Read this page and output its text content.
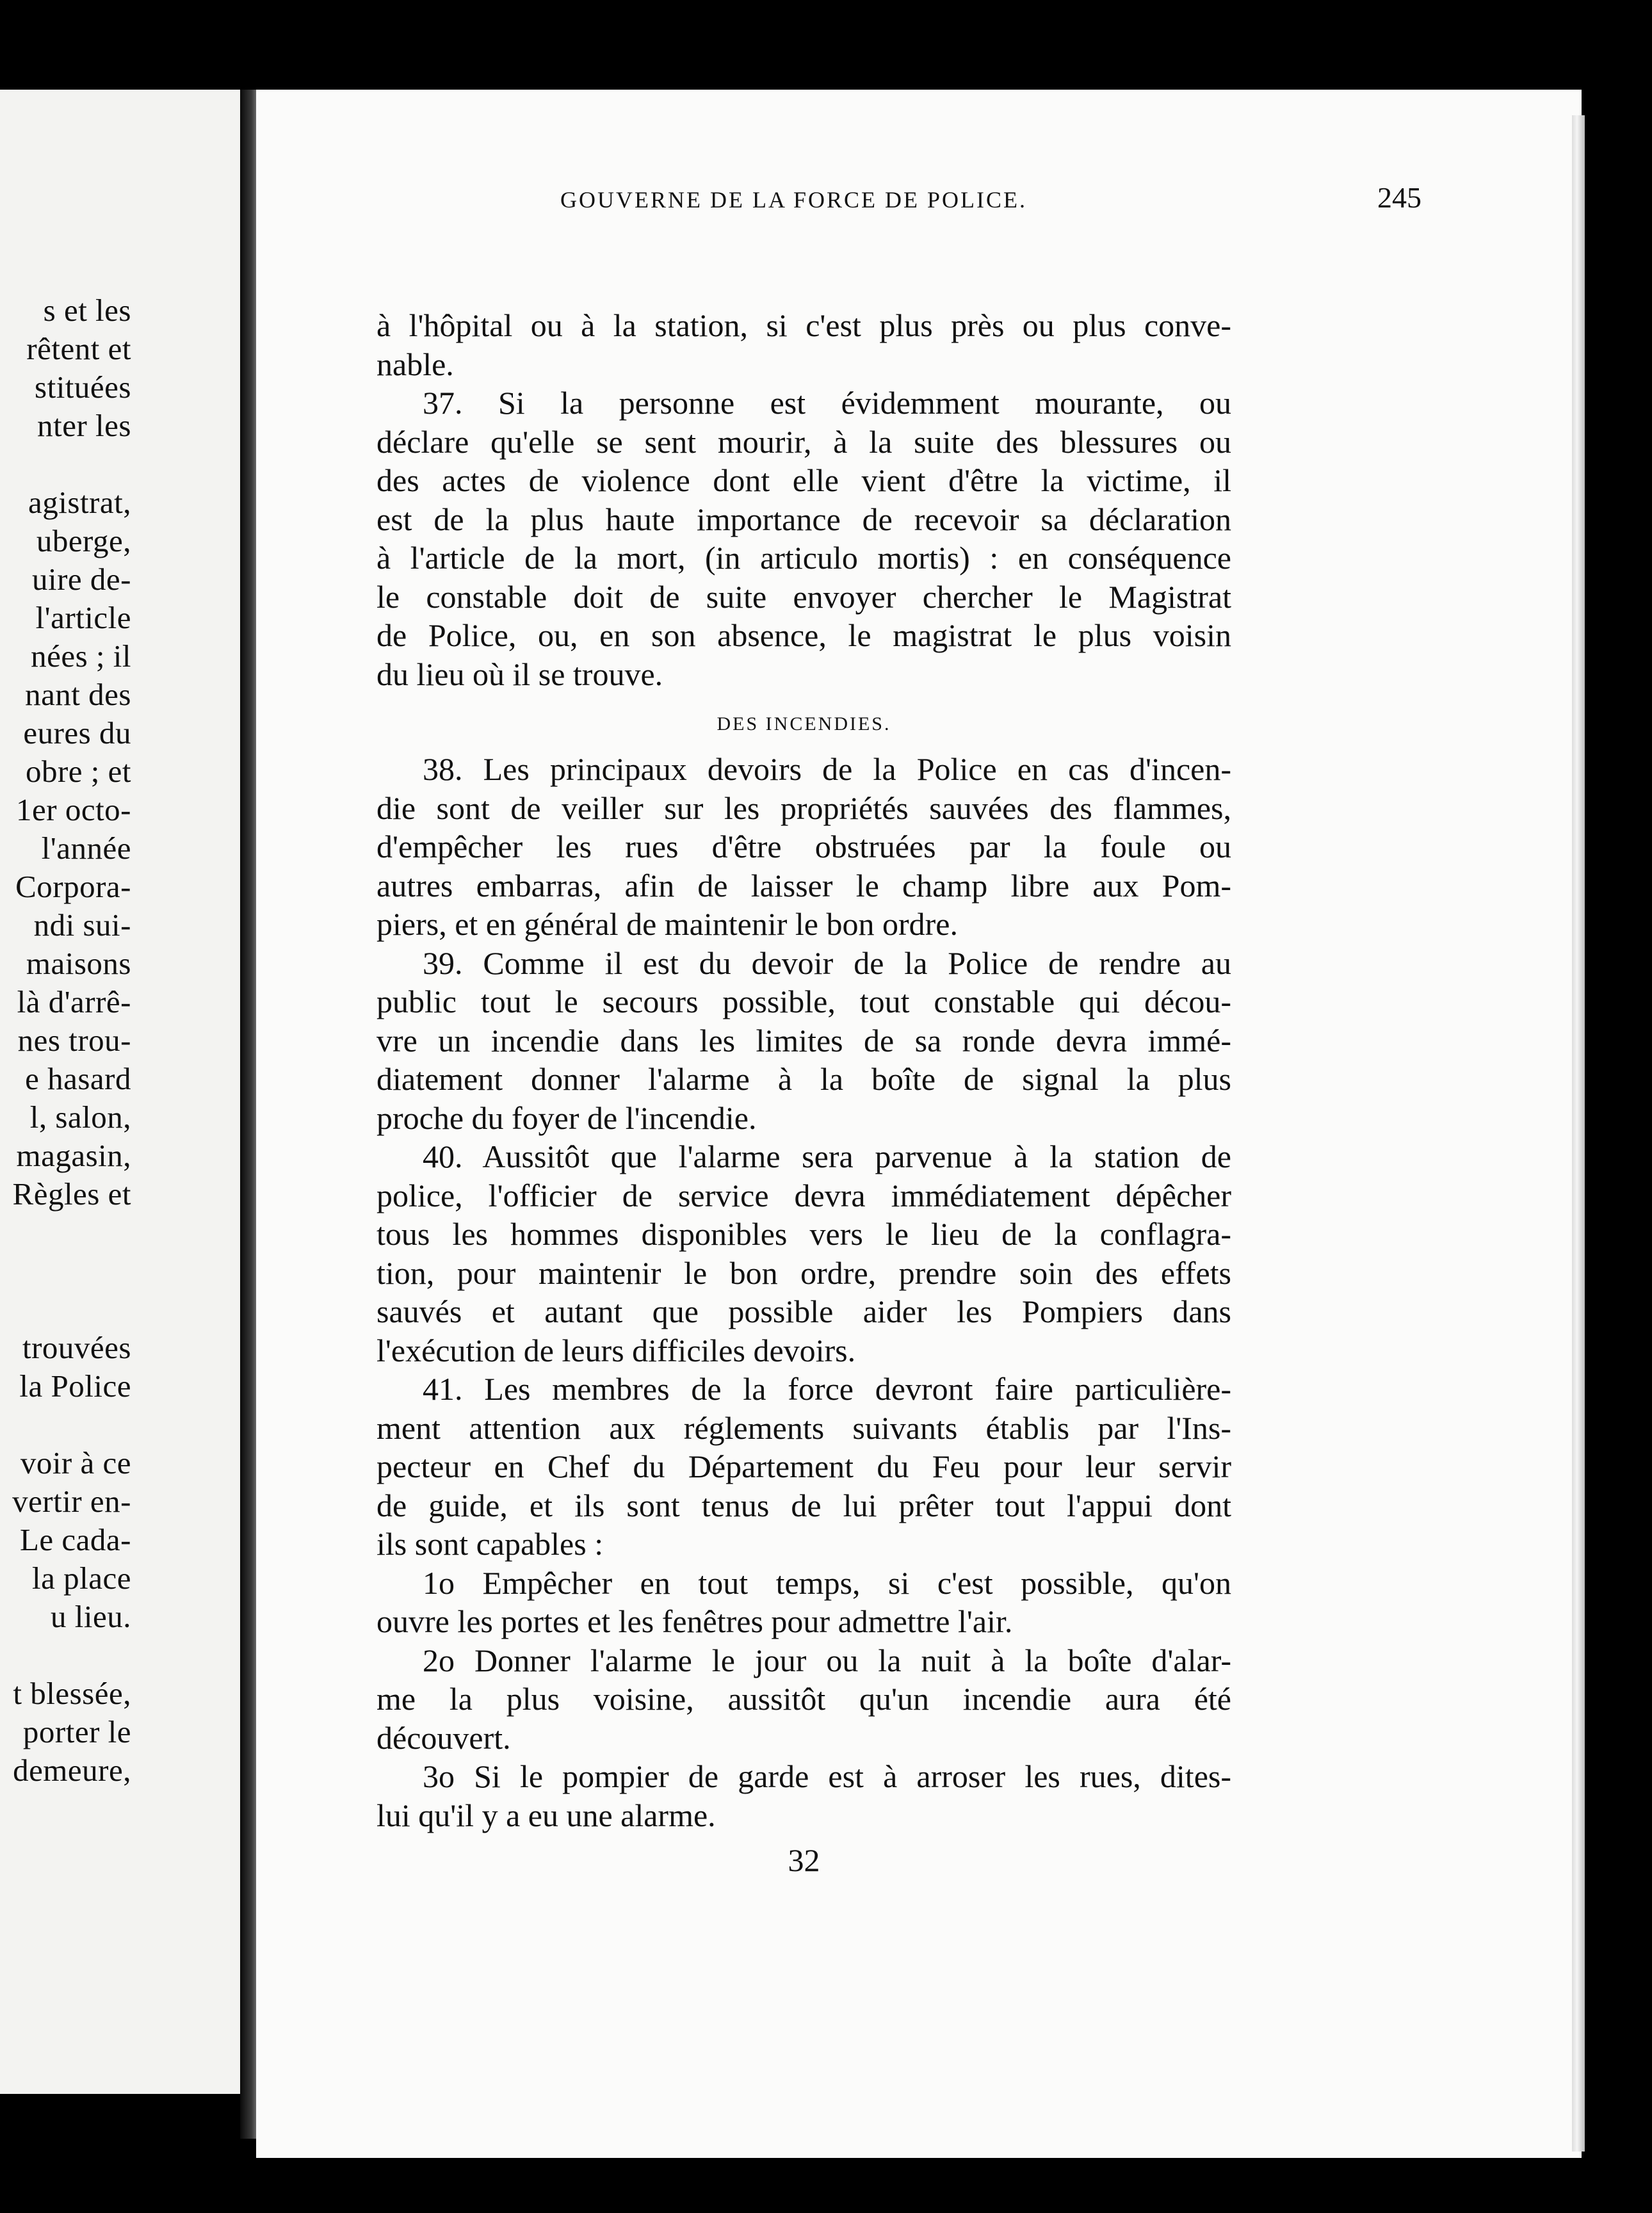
s et les
rêtent et
stituées
nter les
agistrat,
uberge,
uire de-
l'article
nées ; il
nant des
eures du
obre ; et
1er octo-
l'année
Corpora-
ndi sui-
maisons
là d'arrê-
nes trou-
e hasard
l, salon,
magasin,
Règles et
trouvées
la Police
voir à ce
vertir en-
Le cada-
la place
u lieu.
t blessée,
porter le
demeure,
GOUVERNE DE LA FORCE DE POLICE.	245
à l'hôpital ou à la station, si c'est plus près ou plus conve-
nable.
37. Si la personne est évidemment mourante, ou
déclare qu'elle se sent mourir, à la suite des blessures ou
des actes de violence dont elle vient d'être la victime, il
est de la plus haute importance de recevoir sa déclaration
à l'article de la mort, (in articulo mortis) : en conséquence
le constable doit de suite envoyer chercher le Magistrat
de Police, ou, en son absence, le magistrat le plus voisin
du lieu où il se trouve.
DES INCENDIES.
38. Les principaux devoirs de la Police en cas d'incen-
die sont de veiller sur les propriétés sauvées des flammes,
d'empêcher les rues d'être obstruées par la foule ou
autres embarras, afin de laisser le champ libre aux Pom-
piers, et en général de maintenir le bon ordre.
39. Comme il est du devoir de la Police de rendre au
public tout le secours possible, tout constable qui décou-
vre un incendie dans les limites de sa ronde devra immé-
diatement donner l'alarme à la boîte de signal la plus
proche du foyer de l'incendie.
40. Aussitôt que l'alarme sera parvenue à la station de
police, l'officier de service devra immédiatement dépêcher
tous les hommes disponibles vers le lieu de la conflagra-
tion, pour maintenir le bon ordre, prendre soin des effets
sauvés et autant que possible aider les Pompiers dans
l'exécution de leurs difficiles devoirs.
41. Les membres de la force devront faire particulière-
ment attention aux réglements suivants établis par l'Ins-
pecteur en Chef du Département du Feu pour leur servir
de guide, et ils sont tenus de lui prêter tout l'appui dont
ils sont capables :
1o Empêcher en tout temps, si c'est possible, qu'on
ouvre les portes et les fenêtres pour admettre l'air.
2o Donner l'alarme le jour ou la nuit à la boîte d'alar-
me la plus voisine, aussitôt qu'un incendie aura été
découvert.
3o Si le pompier de garde est à arroser les rues, dites-
lui qu'il y a eu une alarme.
32
